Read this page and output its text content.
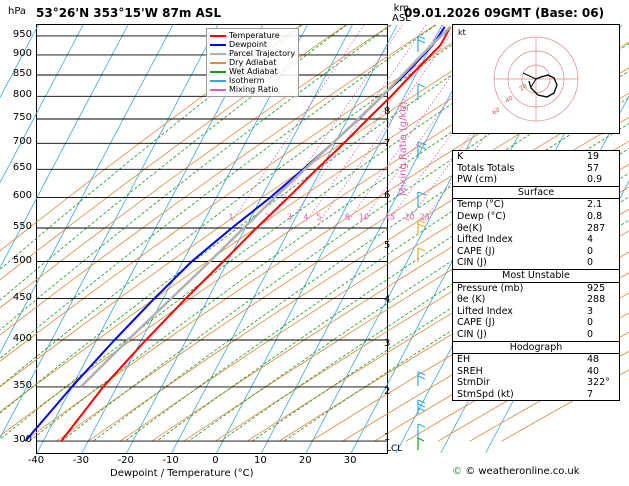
hPa 53°26'N 353°15'W 87m ASL	km
ASL
09.01.2026 09GMT (Base: 06)
1	2 3 4 5	8 10 15 20 25
Temperature
Dewpoint
Parcel Trajectory
Dry Adiabat
Wet Adiabat
Isotherm
Mixing Ratio
300
350
400
450
500
550
600
650
700
750
800
850
900
950
-40	-30	-20	-10	0	10	20	30
8
7
6
5
4
3
2
1
Dewpoint / Temperature (°C)
Mixing Ratio (g/kg)
LCL
20
40
60
kt
K	19
Totals Totals	57
PW (cm)	0.9
Surface
Temp (°C)	2.1
Dewp (°C)	0.8
θe(K)	287
Lifted Index	4
CAPE (J)	0
CIN (J)	0
Most Unstable
Pressure (mb)	925
θe (K)	288
Lifted Index	3
CAPE (J)	0
CIN (J)	0
Hodograph
EH	48
SREH	40
StmDir	322°
StmSpd (kt)	7
© © weatheronline.co.uk
